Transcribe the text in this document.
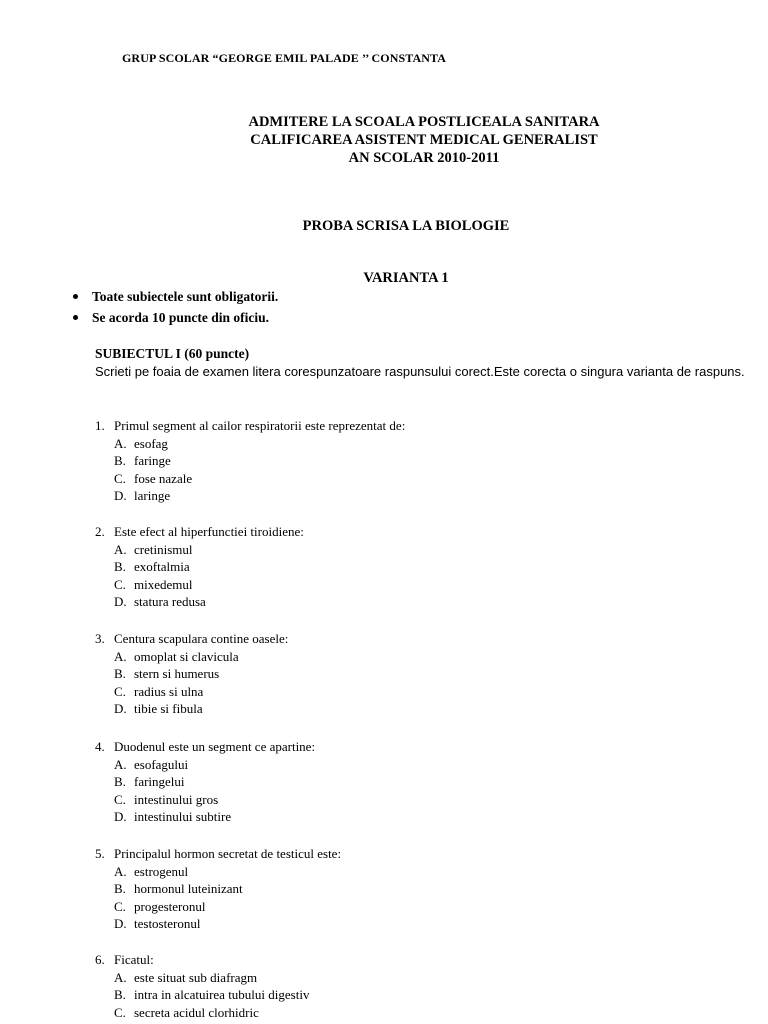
GRUP SCOLAR “GEORGE EMIL PALADE ’’ CONSTANTA
ADMITERE LA SCOALA POSTLICEALA SANITARA
CALIFICAREA ASISTENT MEDICAL GENERALIST
AN SCOLAR 2010-2011
PROBA SCRISA LA BIOLOGIE
VARIANTA 1
Toate subiectele sunt obligatorii.
Se acorda 10 puncte din oficiu.
SUBIECTUL I (60 puncte)
Scrieti pe foaia de examen litera corespunzatoare raspunsului corect.Este corecta o singura varianta de raspuns.
1. Primul segment al cailor respiratorii este reprezentat de:
A. esofag
B. faringe
C. fose nazale
D. laringe
2. Este efect al hiperfunctiei tiroidiene:
A. cretinismul
B. exoftalmia
C. mixedemul
D. statura redusa
3. Centura scapulara contine oasele:
A. omoplat si clavicula
B. stern si humerus
C. radius si ulna
D. tibie si fibula
4. Duodenul este un segment ce apartine:
A. esofagului
B. faringelui
C. intestinului gros
D. intestinului subtire
5. Principalul hormon secretat de testicul este:
A. estrogenul
B. hormonul luteinizant
C. progesteronul
D. testosteronul
6. Ficatul:
A. este situat sub diafragm
B. intra in alcatuirea tubului digestiv
C. secreta acidul clorhidric
